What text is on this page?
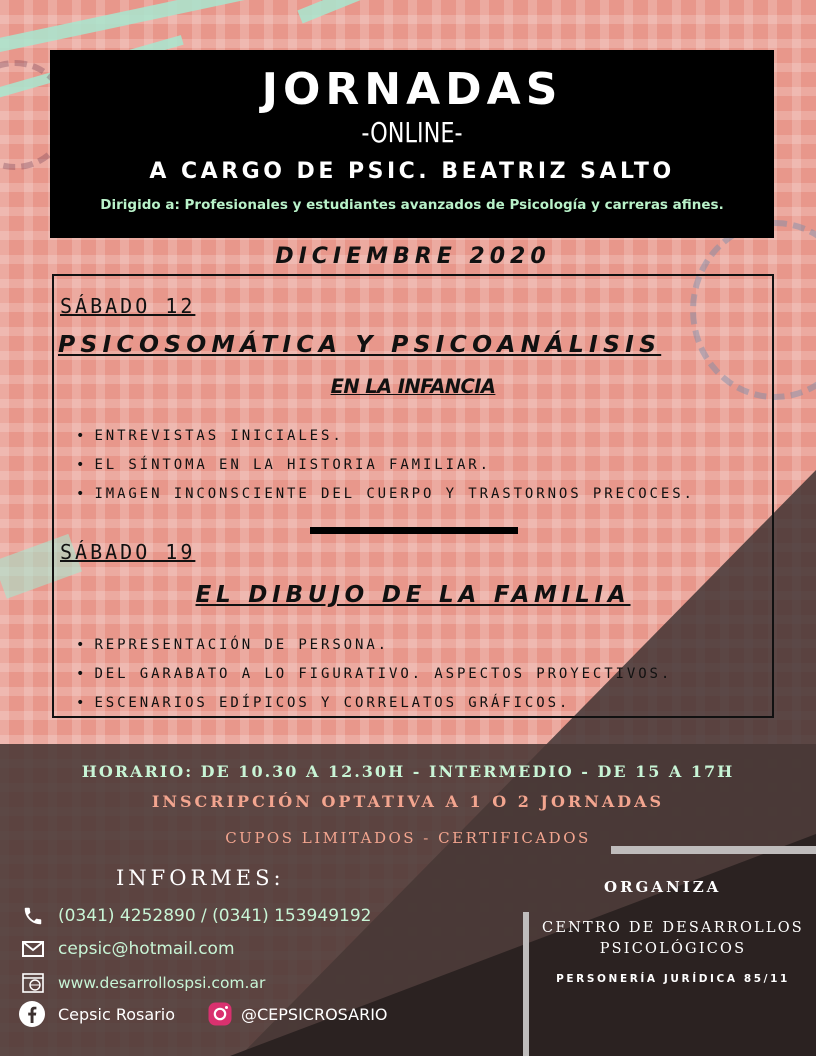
JORNADAS
-ONLINE-
A CARGO DE PSIC. BEATRIZ SALTO
Dirigido a: Profesionales y estudiantes avanzados de Psicología y carreras afines.
DICIEMBRE 2020
SÁBADO 12
PSICOSOMÁTICA Y PSICOANÁLISIS
EN LA INFANCIA
• ENTREVISTAS INICIALES.
• EL SÍNTOMA EN LA HISTORIA FAMILIAR.
• IMAGEN INCONSCIENTE DEL CUERPO Y TRASTORNOS PRECOCES.
SÁBADO 19
EL DIBUJO DE LA FAMILIA
• REPRESENTACIÓN DE PERSONA.
• DEL GARABATO A LO FIGURATIVO. ASPECTOS PROYECTIVOS.
• ESCENARIOS EDÍPICOS Y CORRELATOS GRÁFICOS.
HORARIO: DE 10.30 A 12.30H - INTERMEDIO - DE 15 A 17H
INSCRIPCIÓN OPTATIVA A 1 O 2 JORNADAS
CUPOS LIMITADOS - CERTIFICADOS
INFORMES:
(0341) 4252890 / (0341) 153949192
cepsic@hotmail.com
www.desarrollospsi.com.ar
Cepsic Rosario	@CEPSICROSARIO
ORGANIZA
CENTRO DE DESARROLLOS
PSICOLÓGICOS
PERSONERÍA JURÍDICA 85/11
